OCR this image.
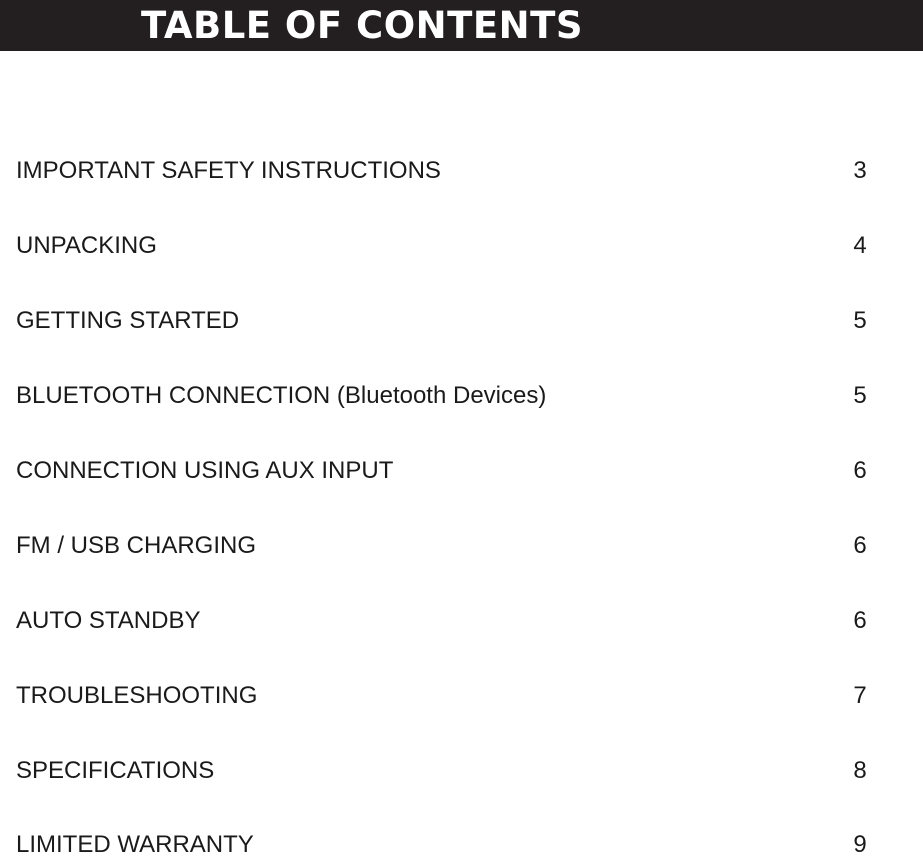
TABLE OF CONTENTS
IMPORTANT SAFETY INSTRUCTIONS	3
UNPACKING	4
GETTING STARTED	5
BLUETOOTH CONNECTION (Bluetooth Devices)	5
CONNECTION USING AUX INPUT	6
FM / USB CHARGING	6
AUTO STANDBY	6
TROUBLESHOOTING	7
SPECIFICATIONS	8
LIMITED WARRANTY	9
